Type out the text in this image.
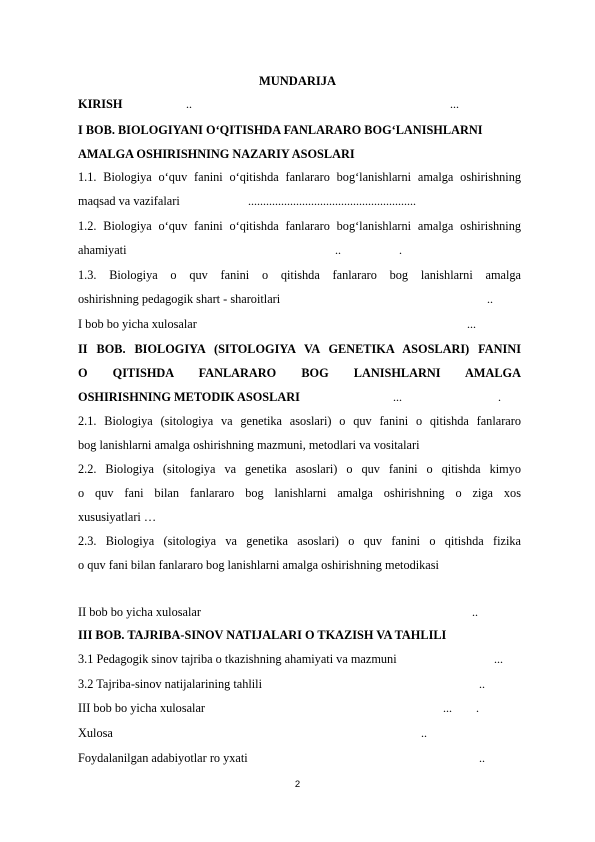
MUNDARIJA
KIRISH	..	...
I BOB. BIOLOGIYANI O‘QITISHDA FANLARARO BOG‘LANISHLARNI
AMALGA OSHIRISHNING NAZARIY ASOSLARI
1.1. Biologiya o‘quv fanini o‘qitishda fanlararo bog‘lanishlarni amalga oshirishning
maqsad va vazifalari	........................................................
1.2. Biologiya o‘quv fanini o‘qitishda fanlararo bog‘lanishlarni amalga oshirishning
ahamiyati	..	.
1.3. Biologiya o quv fanini o qitishda fanlararo bog lanishlarni amalga
oshirishning pedagogik shart - sharoitlari	..
I bob bo yicha xulosalar	...
II BOB. BIOLOGIYA (SITOLOGIYA VA GENETIKA ASOSLARI) FANINI
O QITISHDA FANLARARO BOG LANISHLARNI AMALGA
OSHIRISHNING METODIK ASOSLARI	...	.
2.1. Biologiya (sitologiya va genetika asoslari) o quv fanini o qitishda fanlararo
bog lanishlarni amalga oshirishning mazmuni, metodlari va vositalari
2.2. Biologiya (sitologiya va genetika asoslari) o quv fanini o qitishda kimyo
o quv fani bilan fanlararo bog lanishlarni amalga oshirishning o ziga xos
xususiyatlari …
2.3. Biologiya (sitologiya va genetika asoslari) o quv fanini o qitishda fizika
o quv fani bilan fanlararo bog lanishlarni amalga oshirishning metodikasi
II bob bo yicha xulosalar	..
III BOB. TAJRIBA-SINOV NATIJALARI O TKAZISH VA TAHLILI
3.1 Pedagogik sinov tajriba o tkazishning ahamiyati va mazmuni	...
3.2 Tajriba-sinov natijalarining tahlili	..
III bob bo yicha xulosalar	... .
Xulosa	..
Foydalanilgan adabiyotlar ro yxati	..
2
